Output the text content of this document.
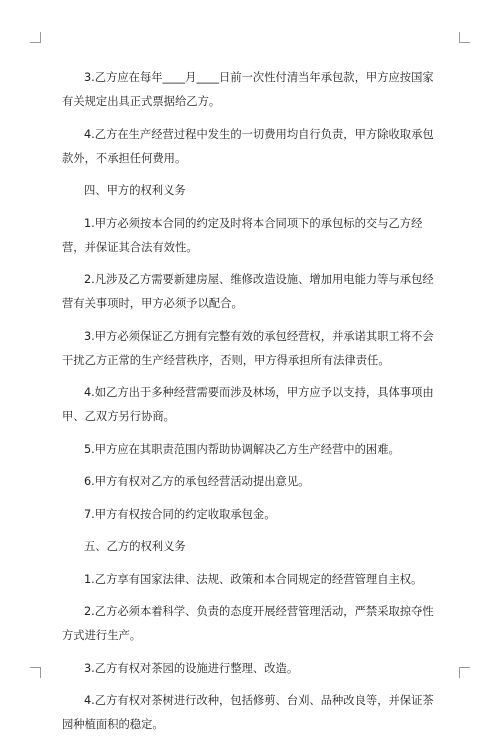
3.乙方应在每年____月____日前一次性付清当年承包款，甲方应按国家有关规定出具正式票据给乙方。

4.乙方在生产经营过程中发生的一切费用均自行负责，甲方除收取承包款外，不承担任何费用。

四、甲方的权利义务

1.甲方必须按本合同的约定及时将本合同项下的承包标的交与乙方经营，并保证其合法有效性。

2.凡涉及乙方需要新建房屋、维修改造设施、增加用电能力等与承包经营有关事项时，甲方必须予以配合。

3.甲方必须保证乙方拥有完整有效的承包经营权，并承诺其职工将不会干扰乙方正常的生产经营秩序，否则，甲方得承担所有法律责任。

4.如乙方出于多种经营需要而涉及林场，甲方应予以支持，具体事项由甲、乙双方另行协商。

5.甲方应在其职责范围内帮助协调解决乙方生产经营中的困难。

6.甲方有权对乙方的承包经营活动提出意见。

7.甲方有权按合同的约定收取承包金。

五、乙方的权利义务

1.乙方享有国家法律、法规、政策和本合同规定的经营管理自主权。

2.乙方必须本着科学、负责的态度开展经营管理活动，严禁采取掠夺性方式进行生产。

3.乙方有权对茶园的设施进行整理、改造。

4.乙方有权对茶树进行改种，包括修剪、台刈、品种改良等，并保证茶园种植面积的稳定。
